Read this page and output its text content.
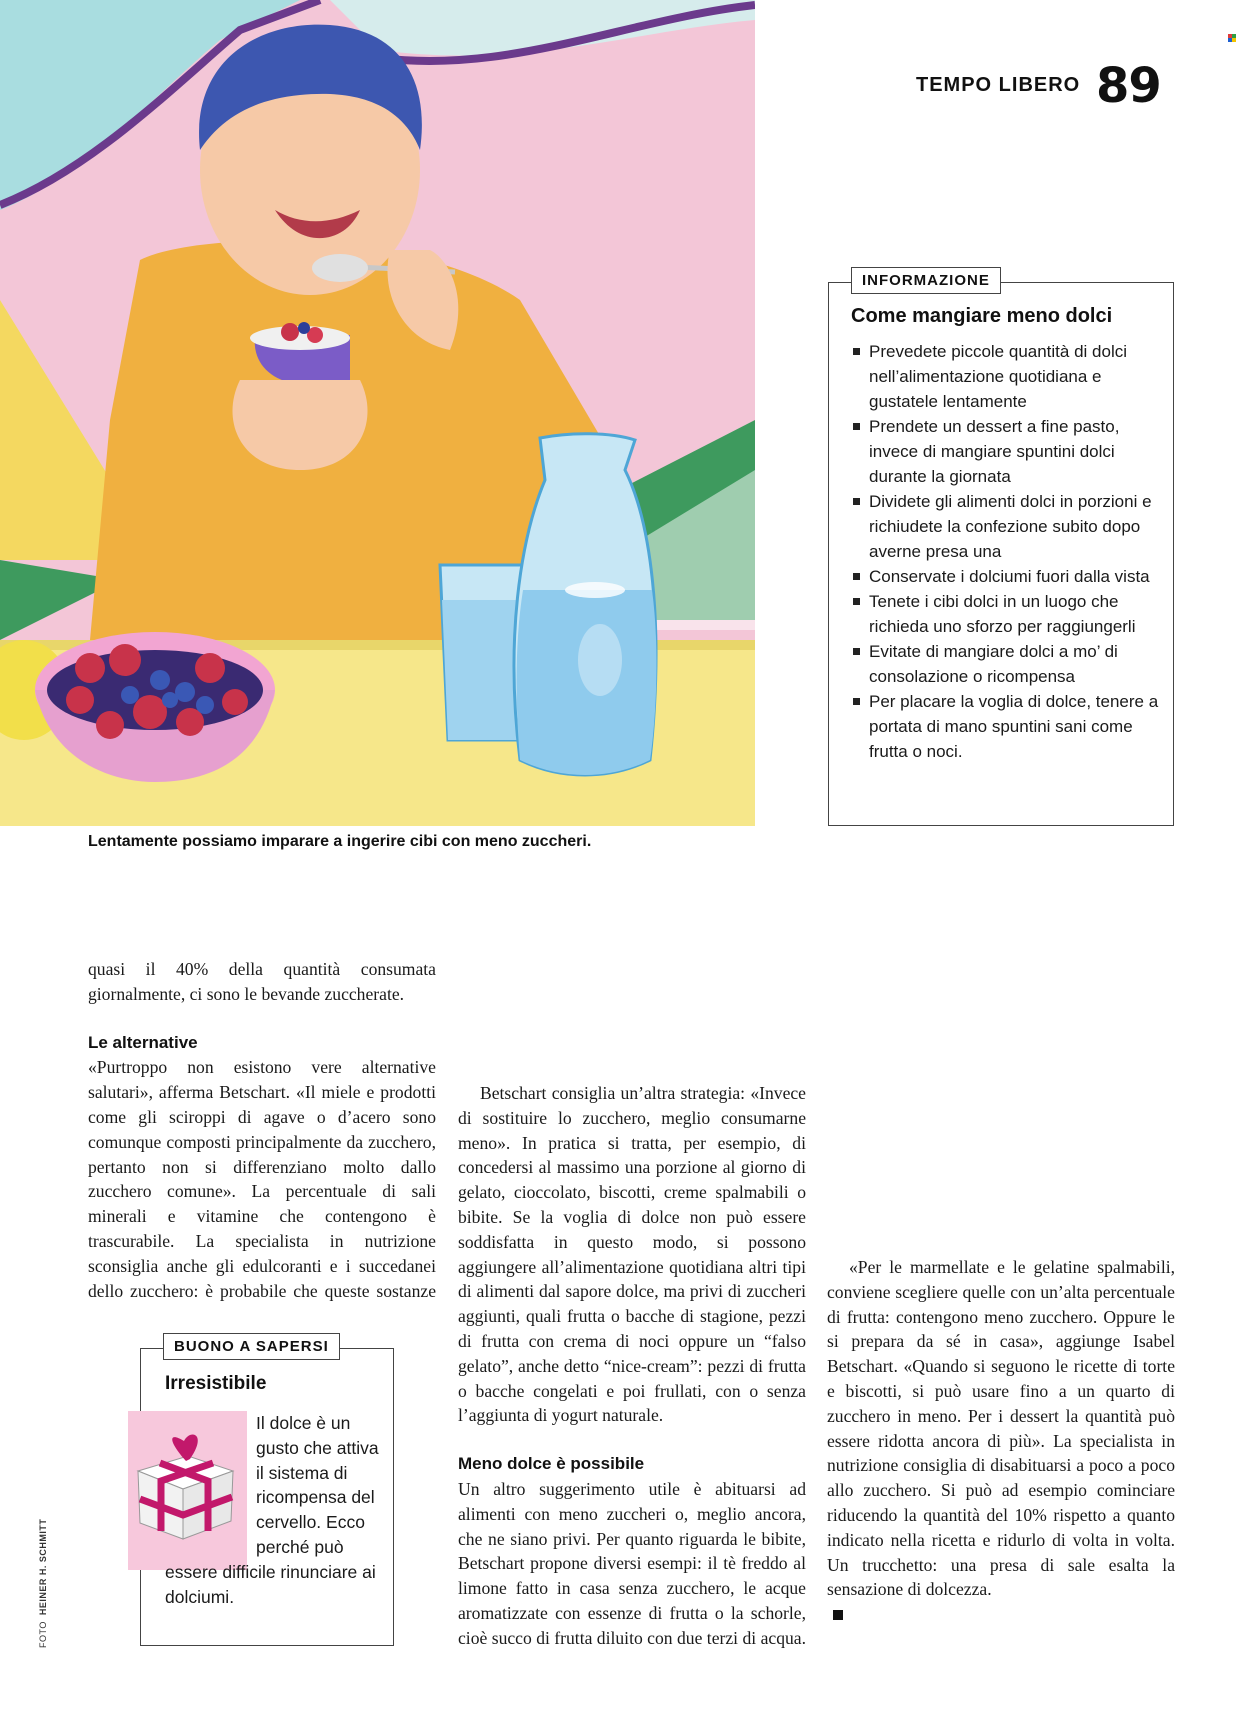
Lentamente possiamo imparare a ingerire cibi con meno zuccheri.
TEMPO LIBERO 89
INFORMAZIONE
Come mangiare meno dolci
Prevedete piccole quantità di dolci nell’alimentazione quotidiana e gustatele lentamente
Prendete un dessert a fine pasto, invece di mangiare spuntini dolci durante la giornata
Dividete gli alimenti dolci in porzioni e richiudete la confezione subito dopo averne presa una
Conservate i dolciumi fuori dalla vista
Tenete i cibi dolci in un luogo che richieda uno sforzo per raggiungerli
Evitate di mangiare dolci a mo’ di consolazione o ricompensa
Per placare la voglia di dolce, tenere a portata di mano spuntini sani come frutta o noci.

quasi il 40% della quantità consumata giornalmente, ci sono le bevande zuccherate.

Le alternative

«Purtroppo non esistono vere alternative salutari», afferma Betschart. «Il miele e prodotti come gli sciroppi di agave o d’acero sono comunque composti principalmente da zucchero, pertanto non si differenziano molto dallo zucchero comune». La percentuale di sali minerali e vitamine che contengono è trascurabile. La specialista in nutrizione sconsiglia anche gli edulcoranti e i succedanei dello zucchero: è probabile che queste sostanze

Betschart consiglia un’altra strategia: «Invece di sostituire lo zucchero, meglio consumarne meno». In pratica si tratta, per esempio, di concedersi al massimo una porzione al giorno di gelato, cioccolato, biscotti, creme spalmabili o bibite. Se la voglia di dolce non può essere soddisfatta in questo modo, si possono aggiungere all’alimentazione quotidiana altri tipi di alimenti dal sapore dolce, ma privi di zuccheri aggiunti, quali frutta o bacche di stagione, pezzi di frutta con crema di noci oppure un “falso gelato”, anche detto “nice-cream”: pezzi di frutta o bacche congelati e poi frullati, con o senza l’aggiunta di yogurt naturale.

Meno dolce è possibile

Un altro suggerimento utile è abituarsi ad alimenti con meno zuccheri o, meglio ancora, che ne siano privi. Per quanto riguarda le bibite, Betschart propone diversi esempi: il tè freddo al limone fatto in casa senza zucchero, le acque aromatizzate con essenze di frutta o la schorle, cioè succo di frutta diluito con due terzi di acqua.

«Per le marmellate e le gelatine spalmabili, conviene scegliere quelle con un’alta percentuale di frutta: contengono meno zucchero. Oppure le si prepara da sé in casa», aggiunge Isabel Betschart. «Quando si seguono le ricette di torte e biscotti, si può usare fino a un quarto di zucchero in meno. Per i dessert la quantità può essere ridotta ancora di più». La specialista in nutrizione consiglia di disabituarsi a poco a poco allo zucchero. Si può ad esempio cominciare riducendo la quantità del 10% rispetto a quanto indicato nella ricetta e ridurlo di volta in volta. Un trucchetto: una presa di sale esalta la sensazione di dolcezza.

BUONO A SAPERSI
Irresistibile
Il dolce è un gusto che attiva il sistema di ricompensa del cervello. Ecco perché può
essere difficile rinunciare ai dolciumi.
FOTO  HEINER H. SCHMITT
